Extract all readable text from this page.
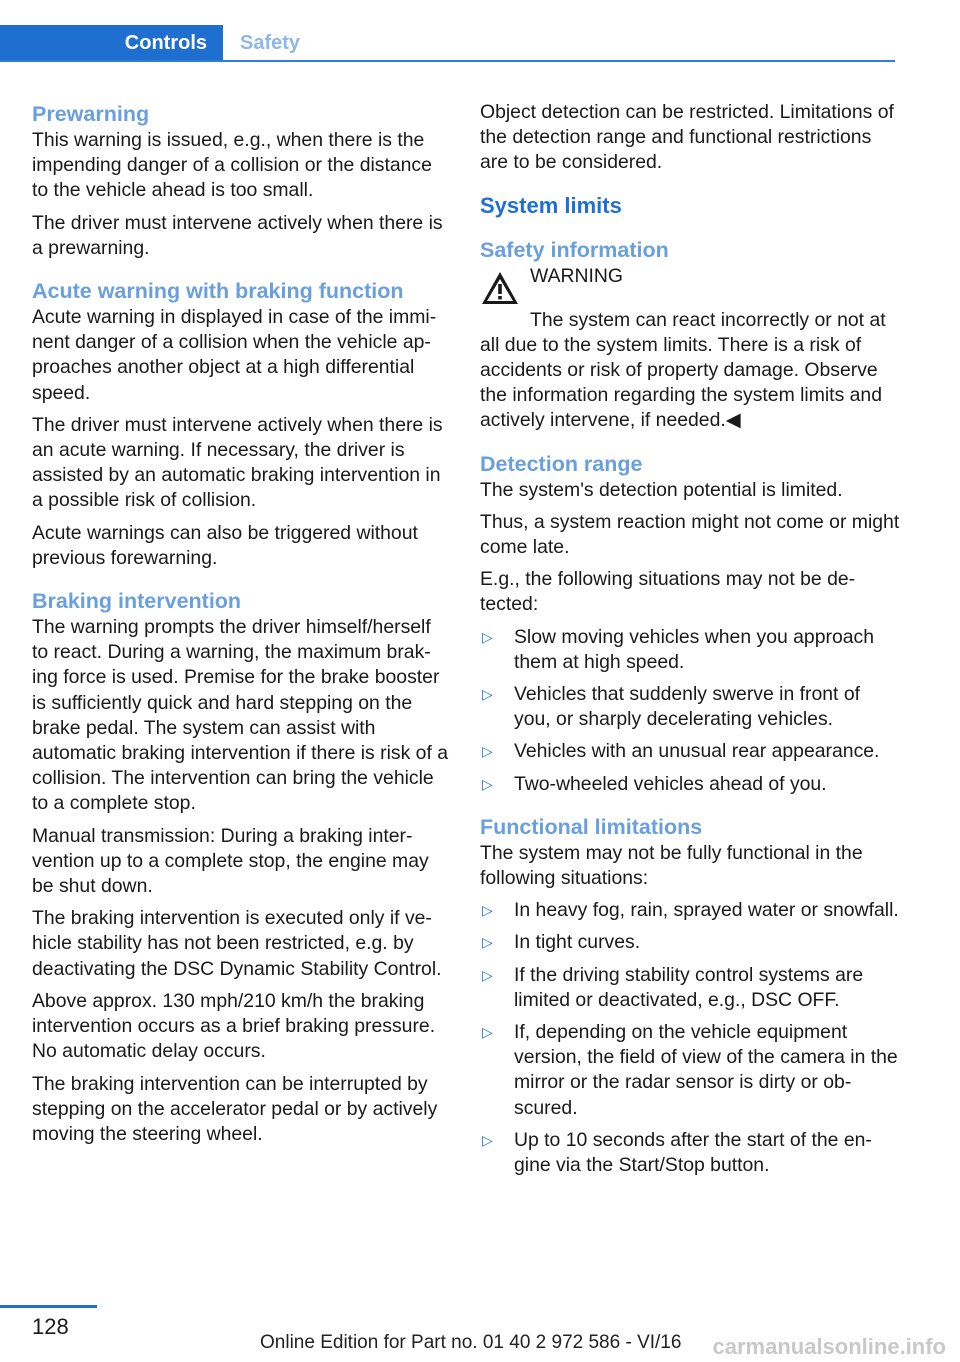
Controls	Safety
Prewarning

This warning is issued, e.g., when there is the impending danger of a collision or the distance to the vehicle ahead is too small.

The driver must intervene actively when there is a prewarning.

Acute warning with braking function

Acute warning in displayed in case of the imminent danger of a collision when the vehicle approaches another object at a high differential speed.

The driver must intervene actively when there is an acute warning. If necessary, the driver is assisted by an automatic braking intervention in a possible risk of collision.

Acute warnings can also be triggered without previous forewarning.

Braking intervention

The warning prompts the driver himself/herself to react. During a warning, the maximum braking force is used. Premise for the brake booster is sufficiently quick and hard stepping on the brake pedal. The system can assist with automatic braking intervention if there is risk of a collision. The intervention can bring the vehicle to a complete stop.

Manual transmission: During a braking intervention up to a complete stop, the engine may be shut down.

The braking intervention is executed only if vehicle stability has not been restricted, e.g. by deactivating the DSC Dynamic Stability Control.

Above approx. 130 mph/210 km/h the braking intervention occurs as a brief braking pressure. No automatic delay occurs.

The braking intervention can be interrupted by stepping on the accelerator pedal or by actively moving the steering wheel.

Object detection can be restricted. Limitations of the detection range and functional restrictions are to be considered.

System limits
Safety information
WARNING

The system can react incorrectly or not at all due to the system limits. There is a risk of accidents or risk of property damage. Observe the information regarding the system limits and actively intervene, if needed.◀

Detection range

The system's detection potential is limited.

Thus, a system reaction might not come or might come late.

E.g., the following situations may not be detected:

▷ Slow moving vehicles when you approach them at high speed.
▷ Vehicles that suddenly swerve in front of you, or sharply decelerating vehicles.
▷ Vehicles with an unusual rear appearance.
▷ Two-wheeled vehicles ahead of you.
Functional limitations

The system may not be fully functional in the following situations:

▷ In heavy fog, rain, sprayed water or snowfall.
▷ In tight curves.
▷ If the driving stability control systems are limited or deactivated, e.g., DSC OFF.
▷ If, depending on the vehicle equipment version, the field of view of the camera in the mirror or the radar sensor is dirty or obscured.
▷ Up to 10 seconds after the start of the engine via the Start/Stop button.
128
Online Edition for Part no. 01 40 2 972 586 - VI/16 carmanualsonline.info
